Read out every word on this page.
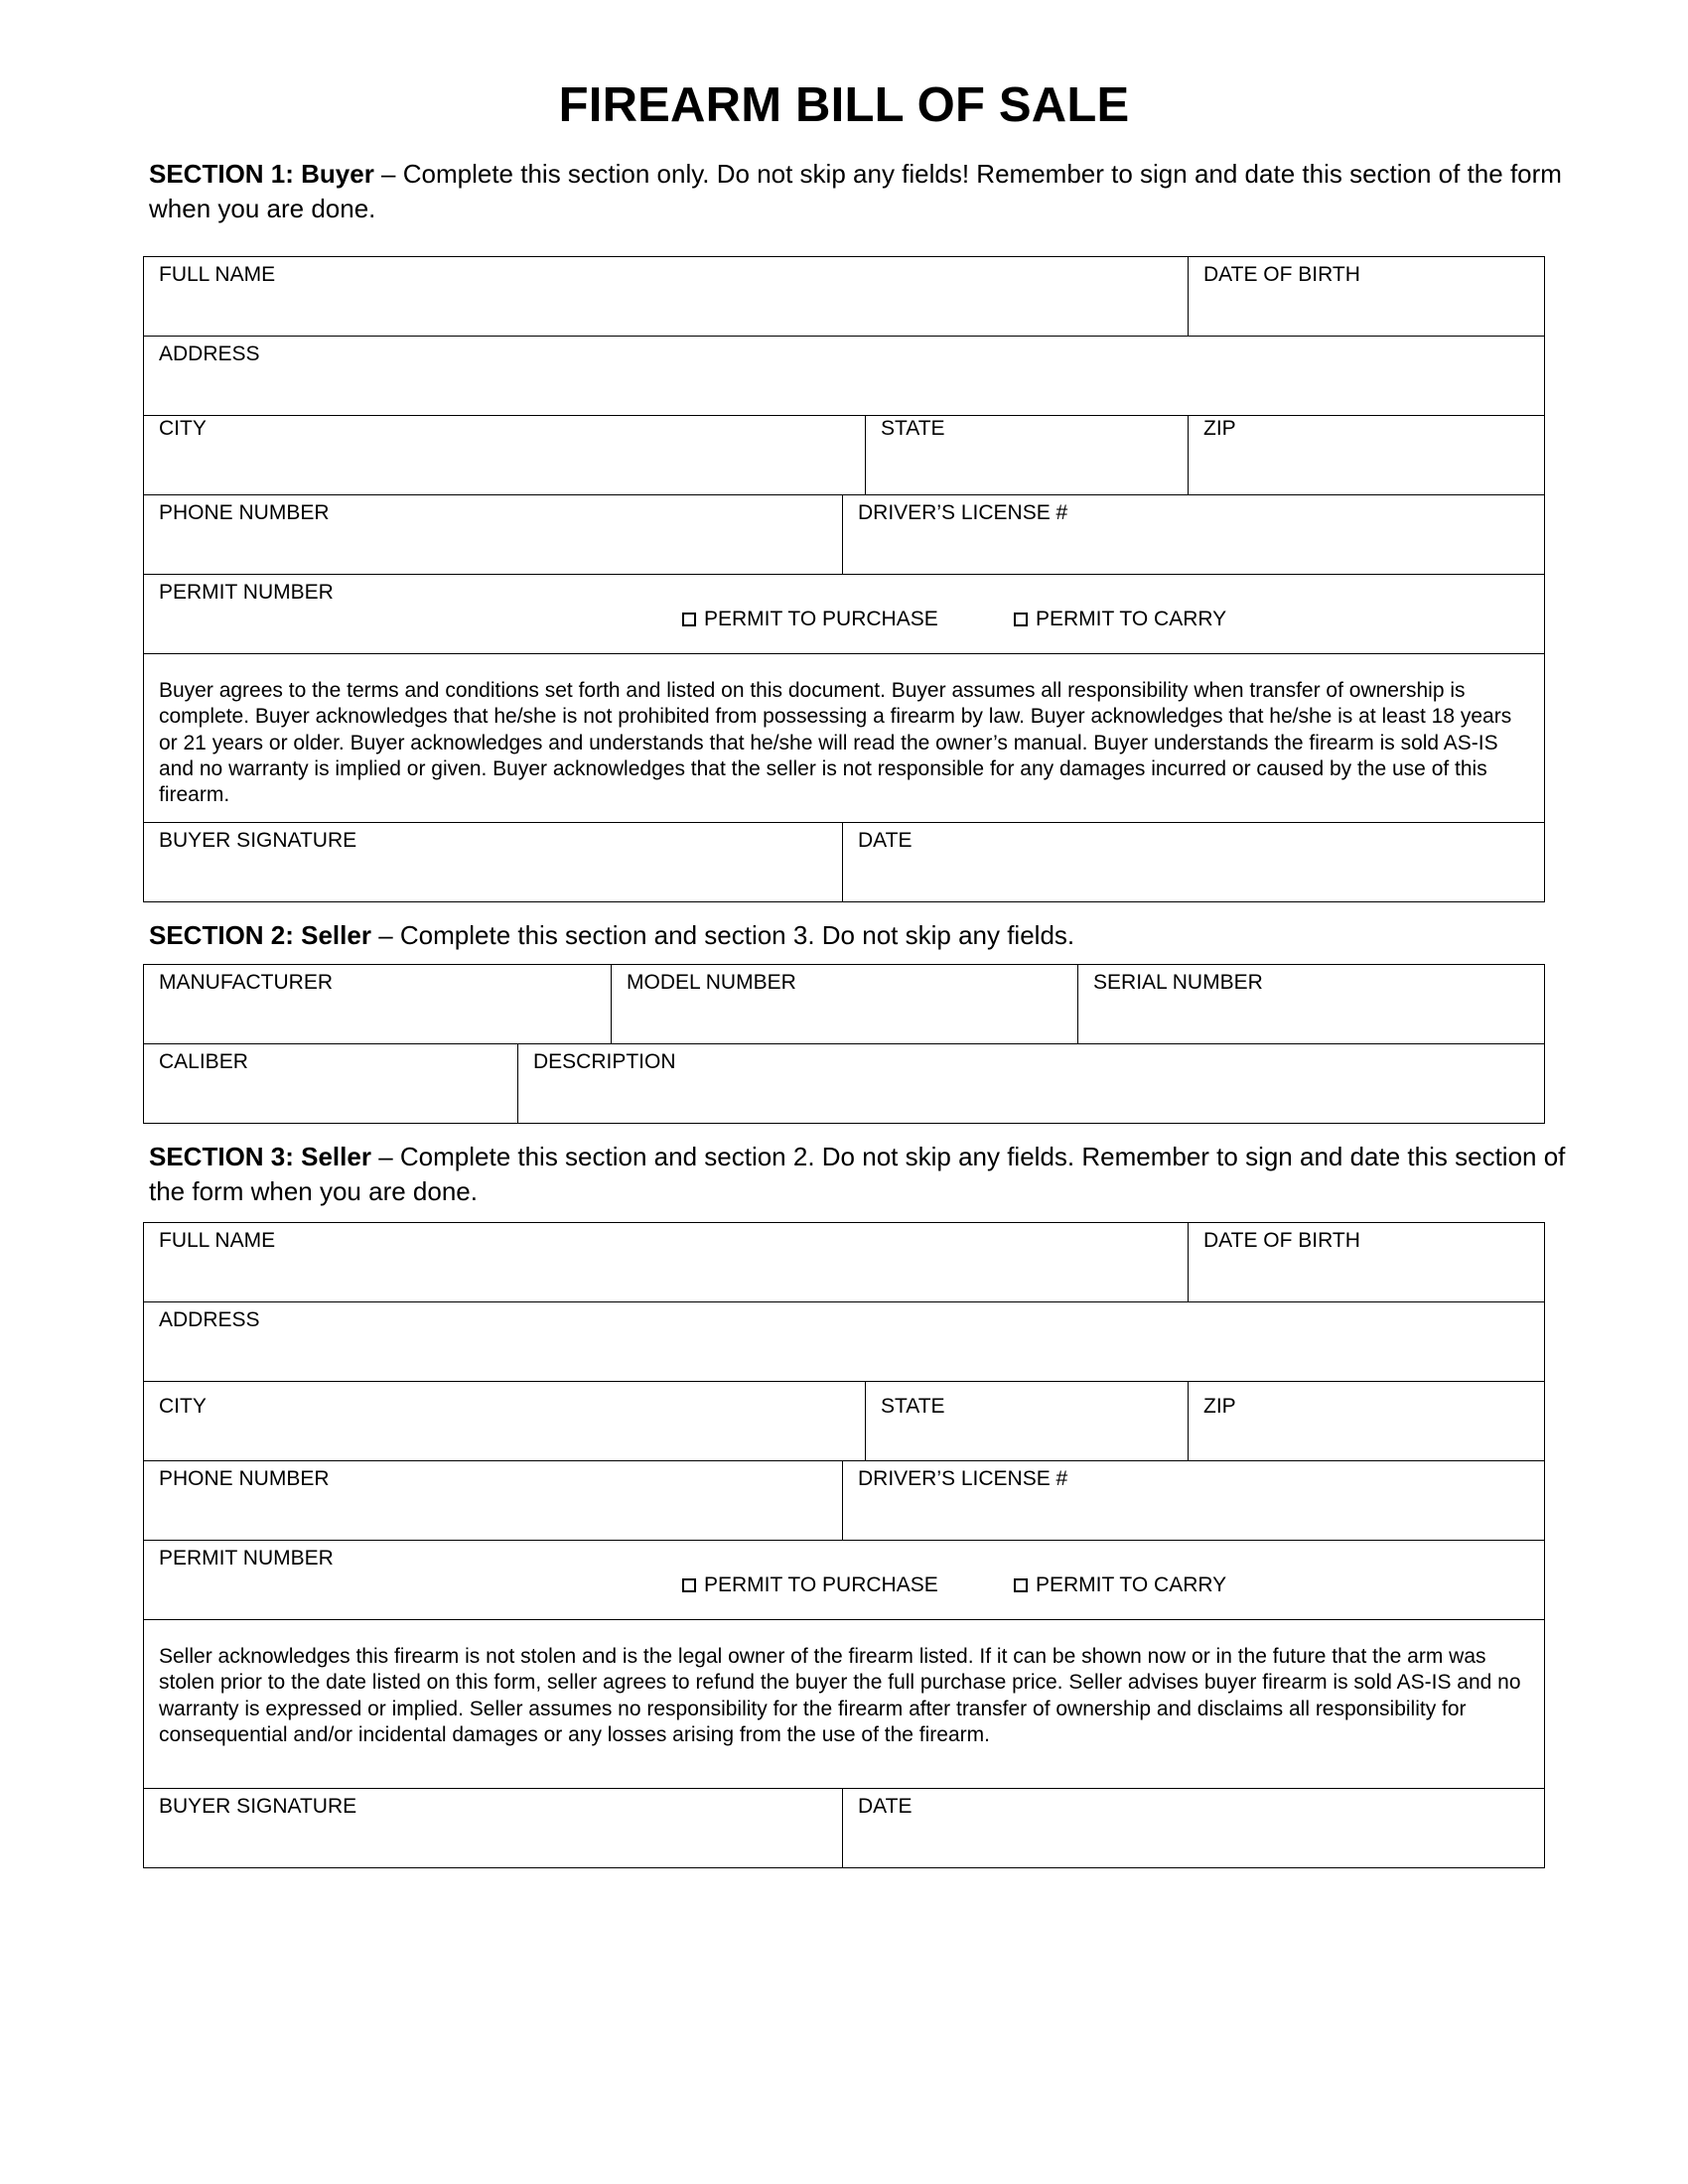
FIREARM BILL OF SALE
SECTION 1: Buyer – Complete this section only. Do not skip any fields! Remember to sign and date this section of the form when you are done.
FULL NAME			DATE OF BIRTH

ADDRESS			

CITY		STATE	ZIP

PHONE NUMBER	DRIVER’S LICENSE #		

PERMIT NUMBER
PERMIT TO PURCHASE PERMIT TO CARRY			

Buyer agrees to the terms and conditions set forth and listed on this document. Buyer assumes all responsibility when transfer of ownership is complete. Buyer acknowledges that he/she is not prohibited from possessing a firearm by law. Buyer acknowledges that he/she is at least 18 years or 21 years or older. Buyer acknowledges and understands that he/she will read the owner’s manual. Buyer understands the firearm is sold AS-IS and no warranty is implied or given. Buyer acknowledges that the seller is not responsible for any damages incurred or caused by the use of this firearm.			

BUYER SIGNATURE	DATE		
SECTION 2: Seller – Complete this section and section 3. Do not skip any fields.
MANUFACTURER		MODEL NUMBER	SERIAL NUMBER

CALIBER	DESCRIPTION		
SECTION 3: Seller – Complete this section and section 2. Do not skip any fields. Remember to sign and date this section of the form when you are done.
FULL NAME			DATE OF BIRTH

ADDRESS			

CITY		STATE	ZIP

PHONE NUMBER	DRIVER’S LICENSE #		

PERMIT NUMBER
PERMIT TO PURCHASE PERMIT TO CARRY			

Seller acknowledges this firearm is not stolen and is the legal owner of the firearm listed. If it can be shown now or in the future that the arm was stolen prior to the date listed on this form, seller agrees to refund the buyer the full purchase price. Seller advises buyer firearm is sold AS-IS and no warranty is expressed or implied. Seller assumes no responsibility for the firearm after transfer of ownership and disclaims all responsibility for consequential and/or incidental damages or any losses arising from the use of the firearm.			

BUYER SIGNATURE	DATE		
